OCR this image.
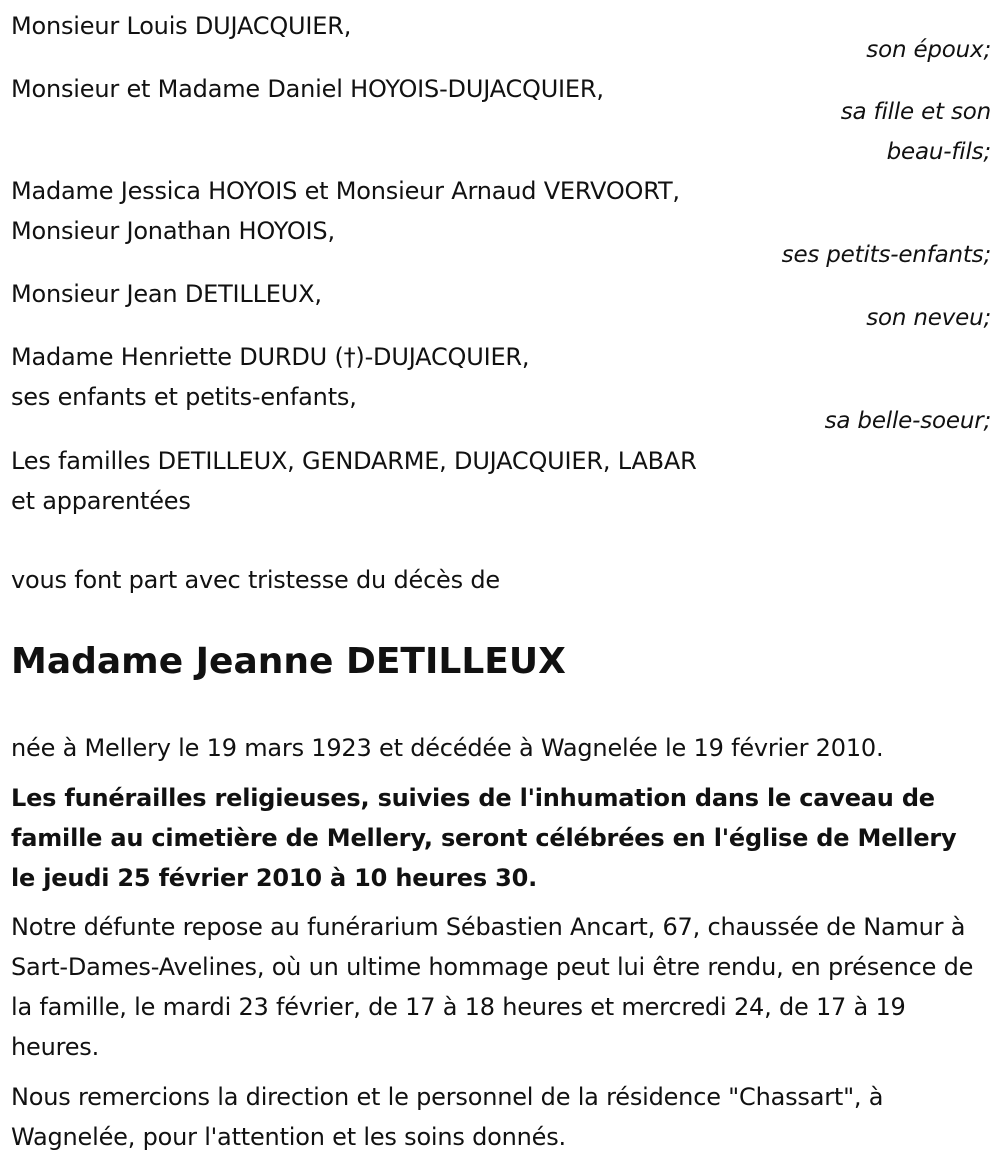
Monsieur Louis DUJACQUIER,
son époux;
Monsieur et Madame Daniel HOYOIS-DUJACQUIER,
sa fille et son
beau-fils;
Madame Jessica HOYOIS et Monsieur Arnaud VERVOORT,
Monsieur Jonathan HOYOIS,
ses petits-enfants;
Monsieur Jean DETILLEUX,
son neveu;
Madame Henriette DURDU (†)-DUJACQUIER,
ses enfants et petits-enfants,
sa belle-soeur;
Les familles DETILLEUX, GENDARME, DUJACQUIER, LABAR
et apparentées
vous font part avec tristesse du décès de
Madame Jeanne DETILLEUX
née à Mellery le 19 mars 1923 et décédée à Wagnelée le 19 février 2010.
Les funérailles religieuses, suivies de l'inhumation dans le caveau de famille au cimetière de Mellery, seront célébrées en l'église de Mellery le jeudi 25 février 2010 à 10 heures 30.
Notre défunte repose au funérarium Sébastien Ancart, 67, chaussée de Namur à Sart-Dames-Avelines, où un ultime hommage peut lui être rendu, en présence de la famille, le mardi 23 février, de 17 à 18 heures et mercredi 24, de 17 à 19 heures.
Nous remercions la direction et le personnel de la résidence "Chassart", à Wagnelée, pour l'attention et les soins donnés.
